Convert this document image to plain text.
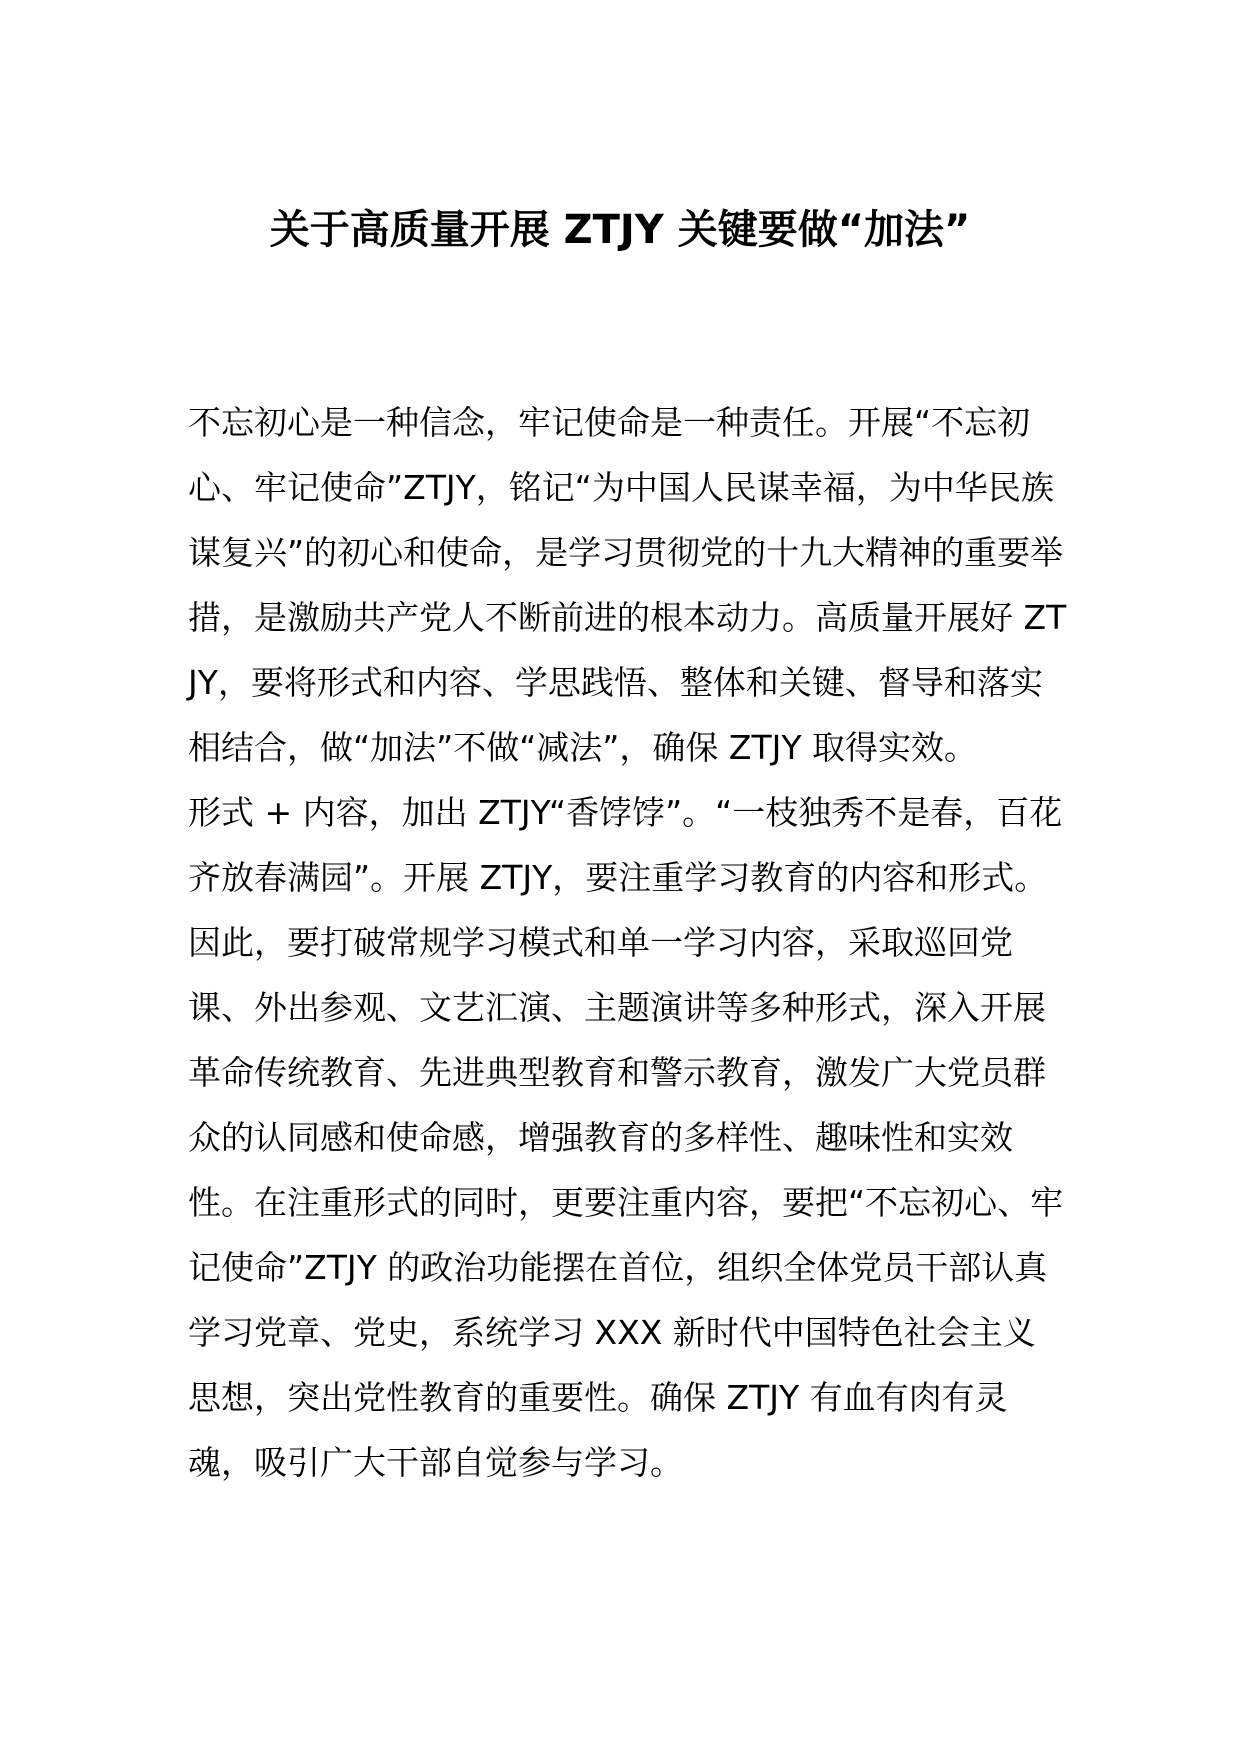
关于高质量开展 ZTJY 关键要做“加法”

不忘初心是一种信念，牢记使命是一种责任。开展“不忘初心、牢记使命”ZTJY，铭记“为中国人民谋幸福，为中华民族谋复兴”的初心和使命，是学习贯彻党的十九大精神的重要举措，是激励共产党人不断前进的根本动力。高质量开展好 ZTJY，要将形式和内容、学思践悟、整体和关键、督导和落实相结合，做“加法”不做“减法”，确保 ZTJY 取得实效。

形式 + 内容，加出 ZTJY“香饽饽”。“一枝独秀不是春，百花齐放春满园”。开展 ZTJY，要注重学习教育的内容和形式。因此，要打破常规学习模式和单一学习内容，采取巡回党课、外出参观、文艺汇演、主题演讲等多种形式，深入开展革命传统教育、先进典型教育和警示教育，激发广大党员群众的认同感和使命感，增强教育的多样性、趣味性和实效性。在注重形式的同时，更要注重内容，要把“不忘初心、牢记使命”ZTJY 的政治功能摆在首位，组织全体党员干部认真学习党章、党史，系统学习 XXX 新时代中国特色社会主义思想，突出党性教育的重要性。确保 ZTJY 有血有肉有灵魂，吸引广大干部自觉参与学习。
